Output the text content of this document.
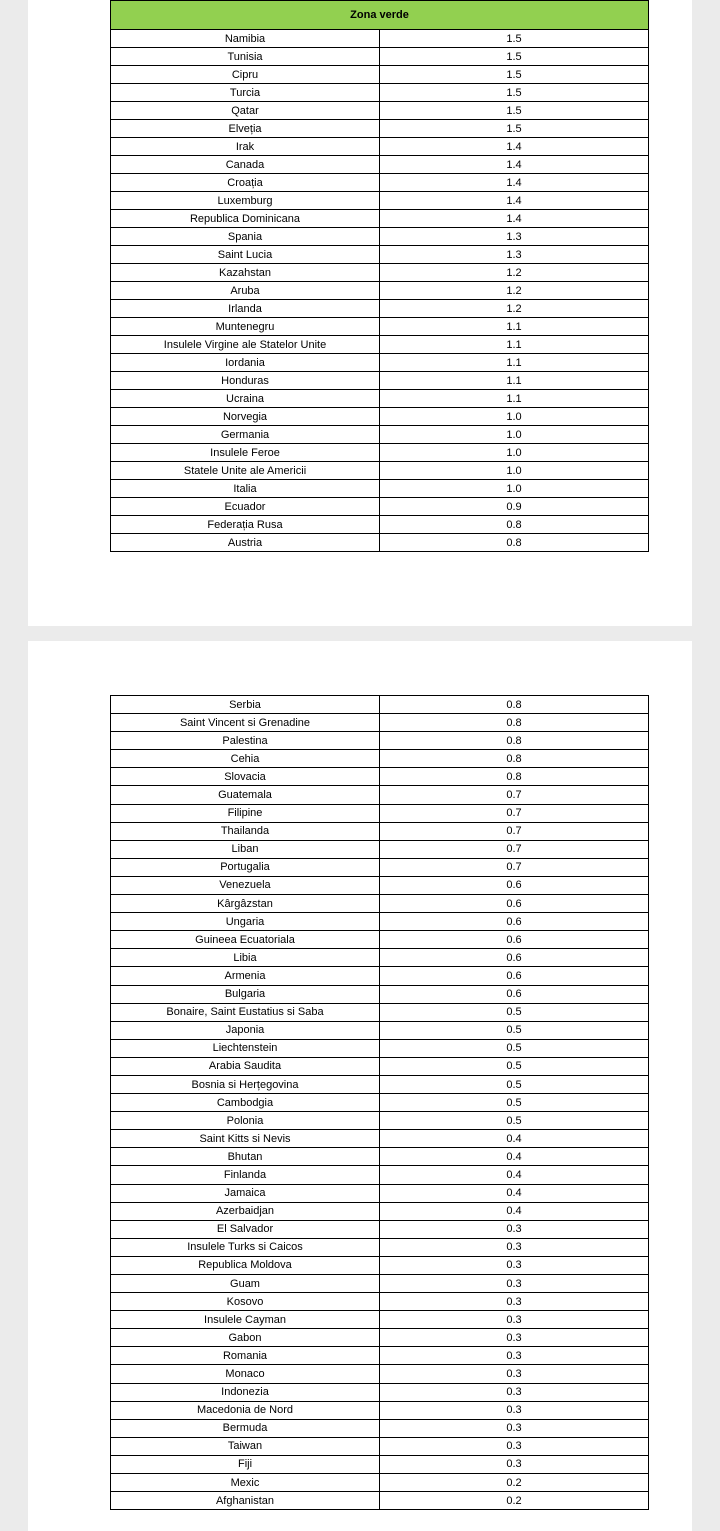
Zona verde	
Namibia	1.5
Tunisia	1.5
Cipru	1.5
Turcia	1.5
Qatar	1.5
Elveția	1.5
Irak	1.4
Canada	1.4
Croația	1.4
Luxemburg	1.4
Republica Dominicana	1.4
Spania	1.3
Saint Lucia	1.3
Kazahstan	1.2
Aruba	1.2
Irlanda	1.2
Muntenegru	1.1
Insulele Virgine ale Statelor Unite	1.1
Iordania	1.1
Honduras	1.1
Ucraina	1.1
Norvegia	1.0
Germania	1.0
Insulele Feroe	1.0
Statele Unite ale Americii	1.0
Italia	1.0
Ecuador	0.9
Federația Rusa	0.8
Austria	0.8
Serbia	0.8
Saint Vincent si Grenadine	0.8
Palestina	0.8
Cehia	0.8
Slovacia	0.8
Guatemala	0.7
Filipine	0.7
Thailanda	0.7
Liban	0.7
Portugalia	0.7
Venezuela	0.6
Kârgâzstan	0.6
Ungaria	0.6
Guineea Ecuatoriala	0.6
Libia	0.6
Armenia	0.6
Bulgaria	0.6
Bonaire, Saint Eustatius si Saba	0.5
Japonia	0.5
Liechtenstein	0.5
Arabia Saudita	0.5
Bosnia si Herțegovina	0.5
Cambodgia	0.5
Polonia	0.5
Saint Kitts si Nevis	0.4
Bhutan	0.4
Finlanda	0.4
Jamaica	0.4
Azerbaidjan	0.4
El Salvador	0.3
Insulele Turks si Caicos	0.3
Republica Moldova	0.3
Guam	0.3
Kosovo	0.3
Insulele Cayman	0.3
Gabon	0.3
Romania	0.3
Monaco	0.3
Indonezia	0.3
Macedonia de Nord	0.3
Bermuda	0.3
Taiwan	0.3
Fiji	0.3
Mexic	0.2
Afghanistan	0.2
